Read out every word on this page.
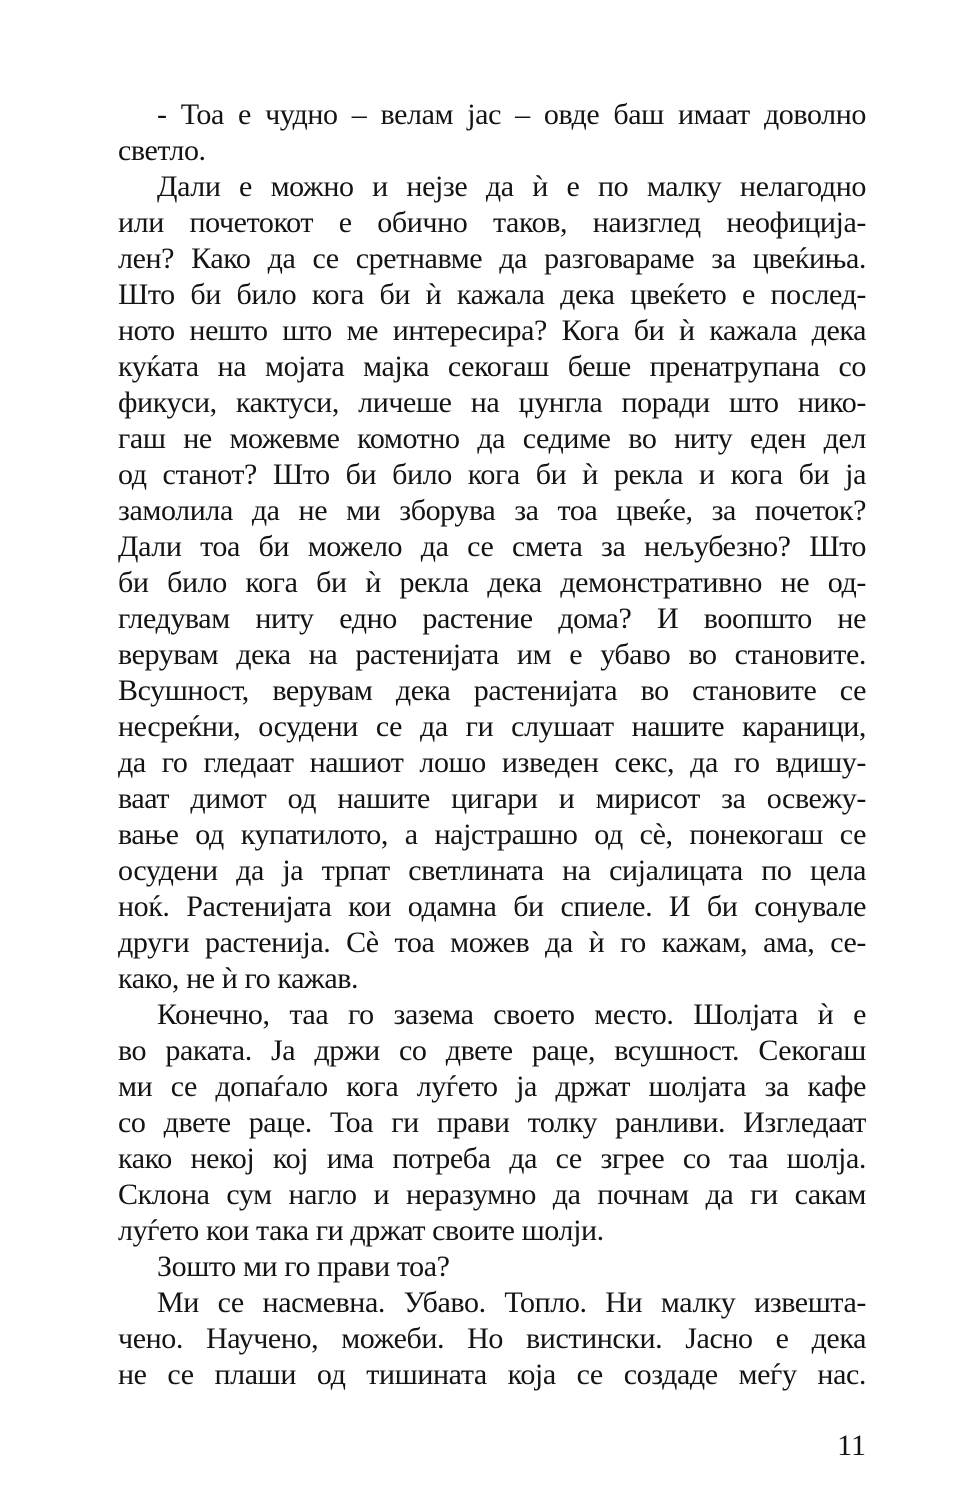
- Тоа е чудно – велам јас – овде баш имаат доволно
светло.
Дали е можно и нејзе да ѝ е по малку нелагодно
или почетокот е обично таков, наизглед неофиција-
лен? Како да се сретнавме да разговараме за цвеќиња.
Што би било кога би ѝ кажала дека цвеќето е послед-
ното нешто што ме интересира? Кога би ѝ кажала дека
куќата на мојата мајка секогаш беше пренатрупана со
фикуси, кактуси, личеше на џунгла поради што нико-
гаш не можевме комотно да седиме во ниту еден дел
од станот? Што би било кога би ѝ рекла и кога би ја
замолила да не ми зборува за тоа цвеќе, за почеток?
Дали тоа би можело да се смета за нељубезно? Што
би било кога би ѝ рекла дека демонстративно не од-
гледувам ниту едно растение дома? И воопшто не
верувам дека на растенијата им е убаво во становите.
Всушност, верувам дека растенијата во становите се
несреќни, осудени се да ги слушаат нашите караници,
да го гледаат нашиот лошо изведен секс, да го вдишу-
ваат димот од нашите цигари и мирисот за освежу-
вање од купатилото, а најстрашно од сѐ, понекогаш се
осудени да ја трпат светлината на сијалицата по цела
ноќ. Растенијата кои одамна би спиеле. И би сонувале
други растенија. Сѐ тоа можев да ѝ го кажам, ама, се-
како, не ѝ го кажав.
Конечно, таа го зазема своето место. Шолјата ѝ е
во раката. Ја држи со двете раце, всушност. Секогаш
ми се допаѓало кога луѓето ја држат шолјата за кафе
со двете раце. Тоа ги прави толку ранливи. Изгледаат
како некој кој има потреба да се згрее со таа шолја.
Склона сум нагло и неразумно да почнам да ги сакам
луѓето кои така ги држат своите шолји.
Зошто ми го прави тоа?
Ми се насмевна. Убаво. Топло. Ни малку извешта-
чено. Научено, можеби. Но вистински. Јасно е дека
не се плаши од тишината која се создаде меѓу нас.
11
